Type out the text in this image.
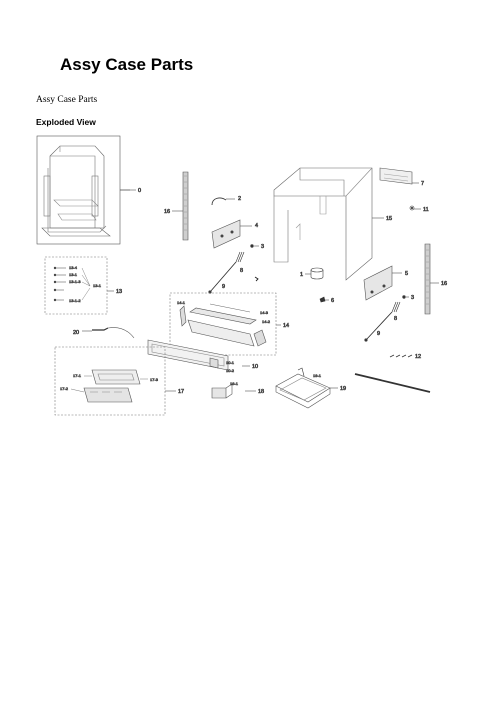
Assy Case Parts
Assy Case Parts
Exploded View
0
16
2
4
3
8
9
15
1
6
7
11
5
16
3
8
9
12
13-4
13-1
13-1-3
13-1-2
13-1
13
14-1
14-3
14-2
14
20
10-1
10-2
10
17-1
17-2
17-3
17
18-1
18
19-1
19
